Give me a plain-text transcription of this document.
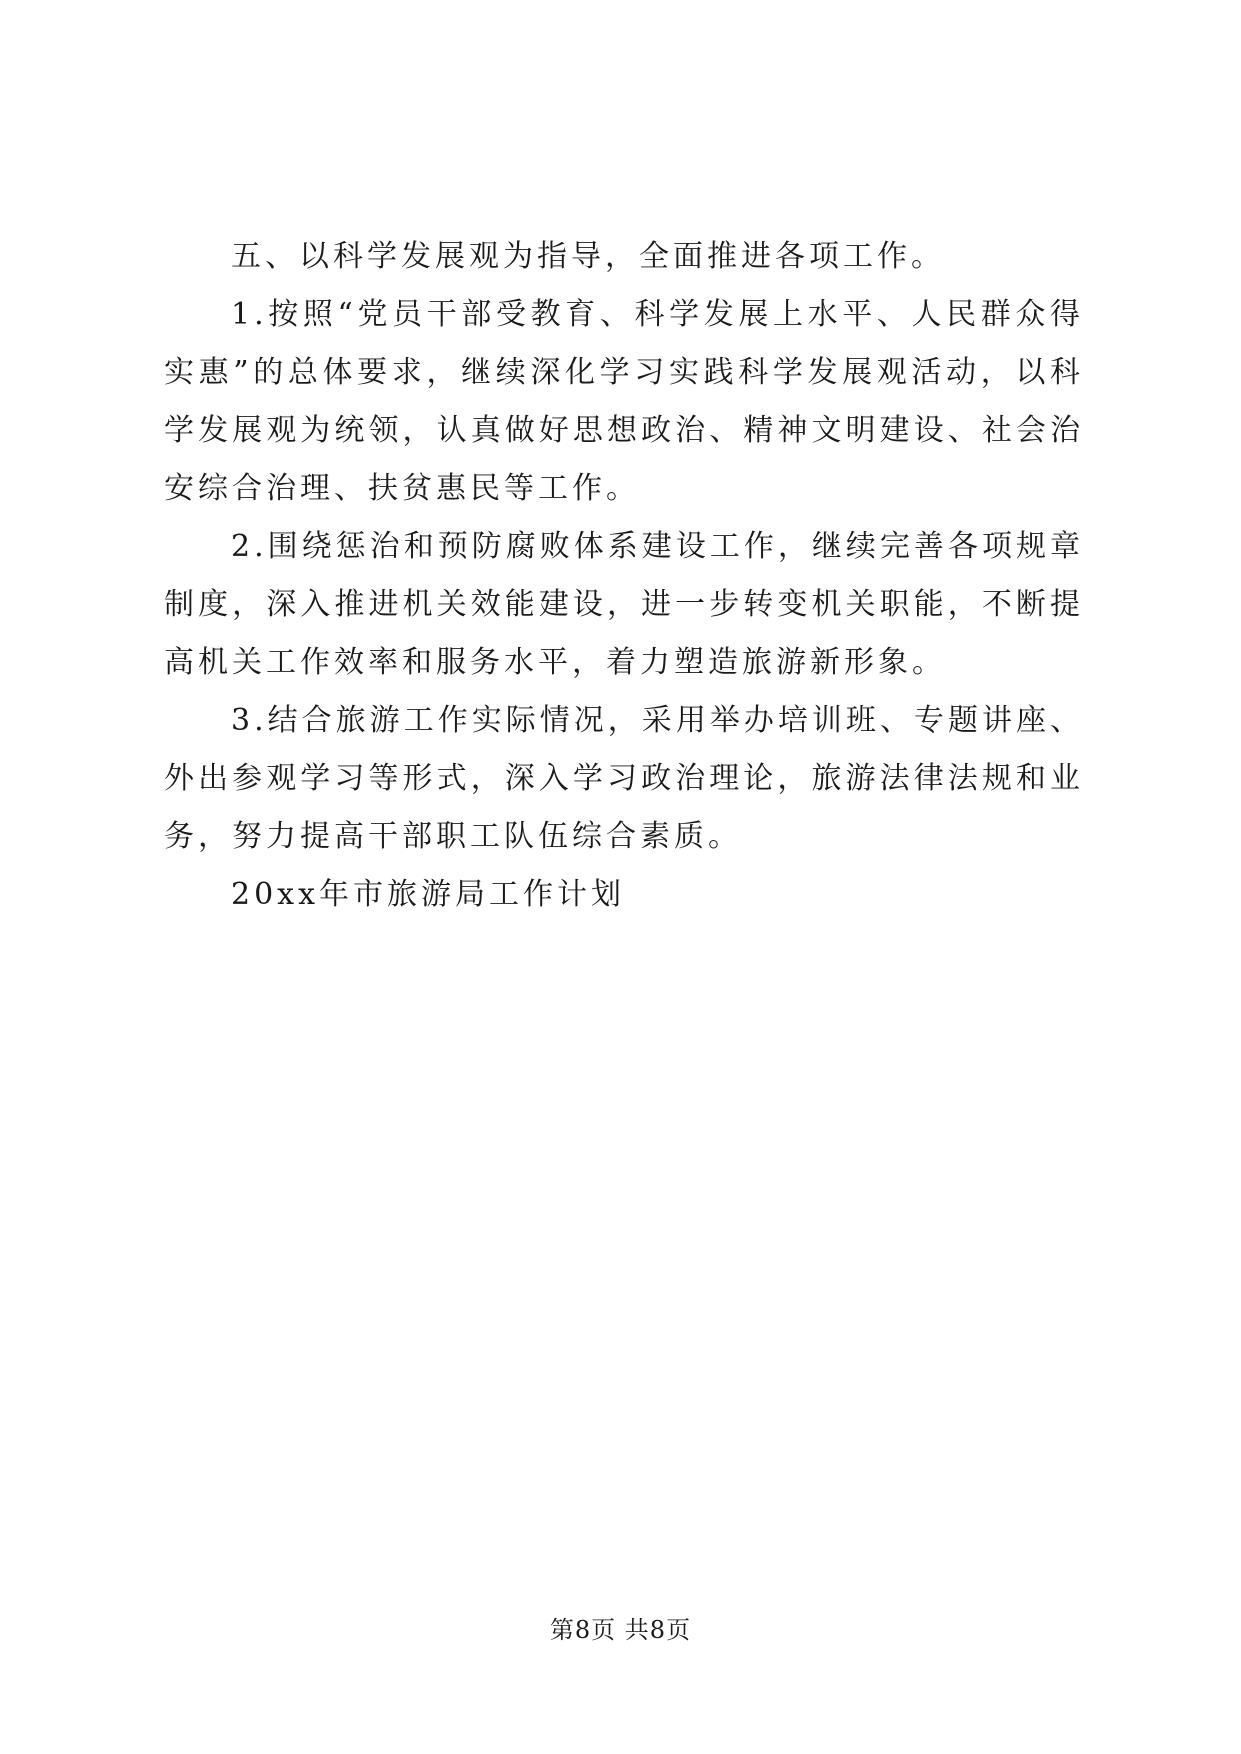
五、以科学发展观为指导，全面推进各项工作。

1.按照“党员干部受教育、科学发展上水平、人民群众得实惠”的总体要求，继续深化学习实践科学发展观活动，以科学发展观为统领，认真做好思想政治、精神文明建设、社会治安综合治理、扶贫惠民等工作。

2.围绕惩治和预防腐败体系建设工作，继续完善各项规章制度，深入推进机关效能建设，进一步转变机关职能，不断提高机关工作效率和服务水平，着力塑造旅游新形象。

3.结合旅游工作实际情况，采用举办培训班、专题讲座、外出参观学习等形式，深入学习政治理论，旅游法律法规和业务，努力提高干部职工队伍综合素质。

20xx年市旅游局工作计划

第8页 共8页
